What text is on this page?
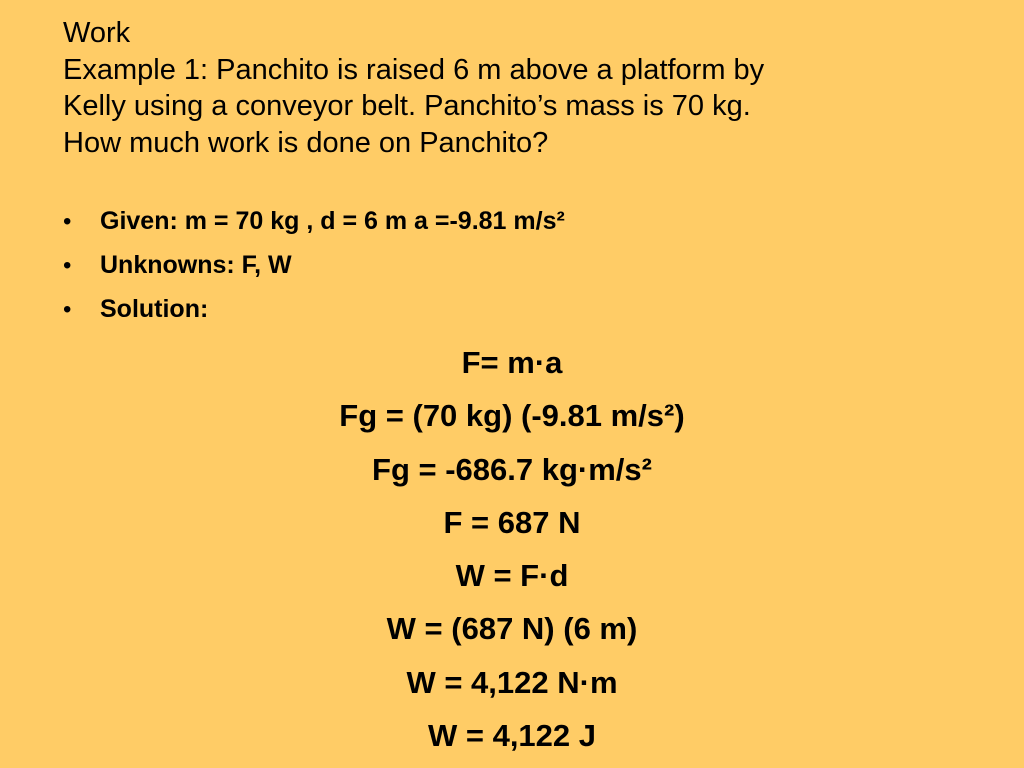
Work
Example 1: Panchito is raised 6 m above a platform by
Kelly using a conveyor belt. Panchito’s mass is 70 kg.
How much work is done on Panchito?
• Given: m = 70 kg , d = 6 m a =-9.81 m/s²
• Unknowns: F, W
• Solution:
F= m·a
Fg = (70 kg) (-9.81 m/s²)
Fg = -686.7 kg·m/s²
F = 687 N
W = F·d
W = (687 N) (6 m)
W = 4,122 N·m
W = 4,122 J
